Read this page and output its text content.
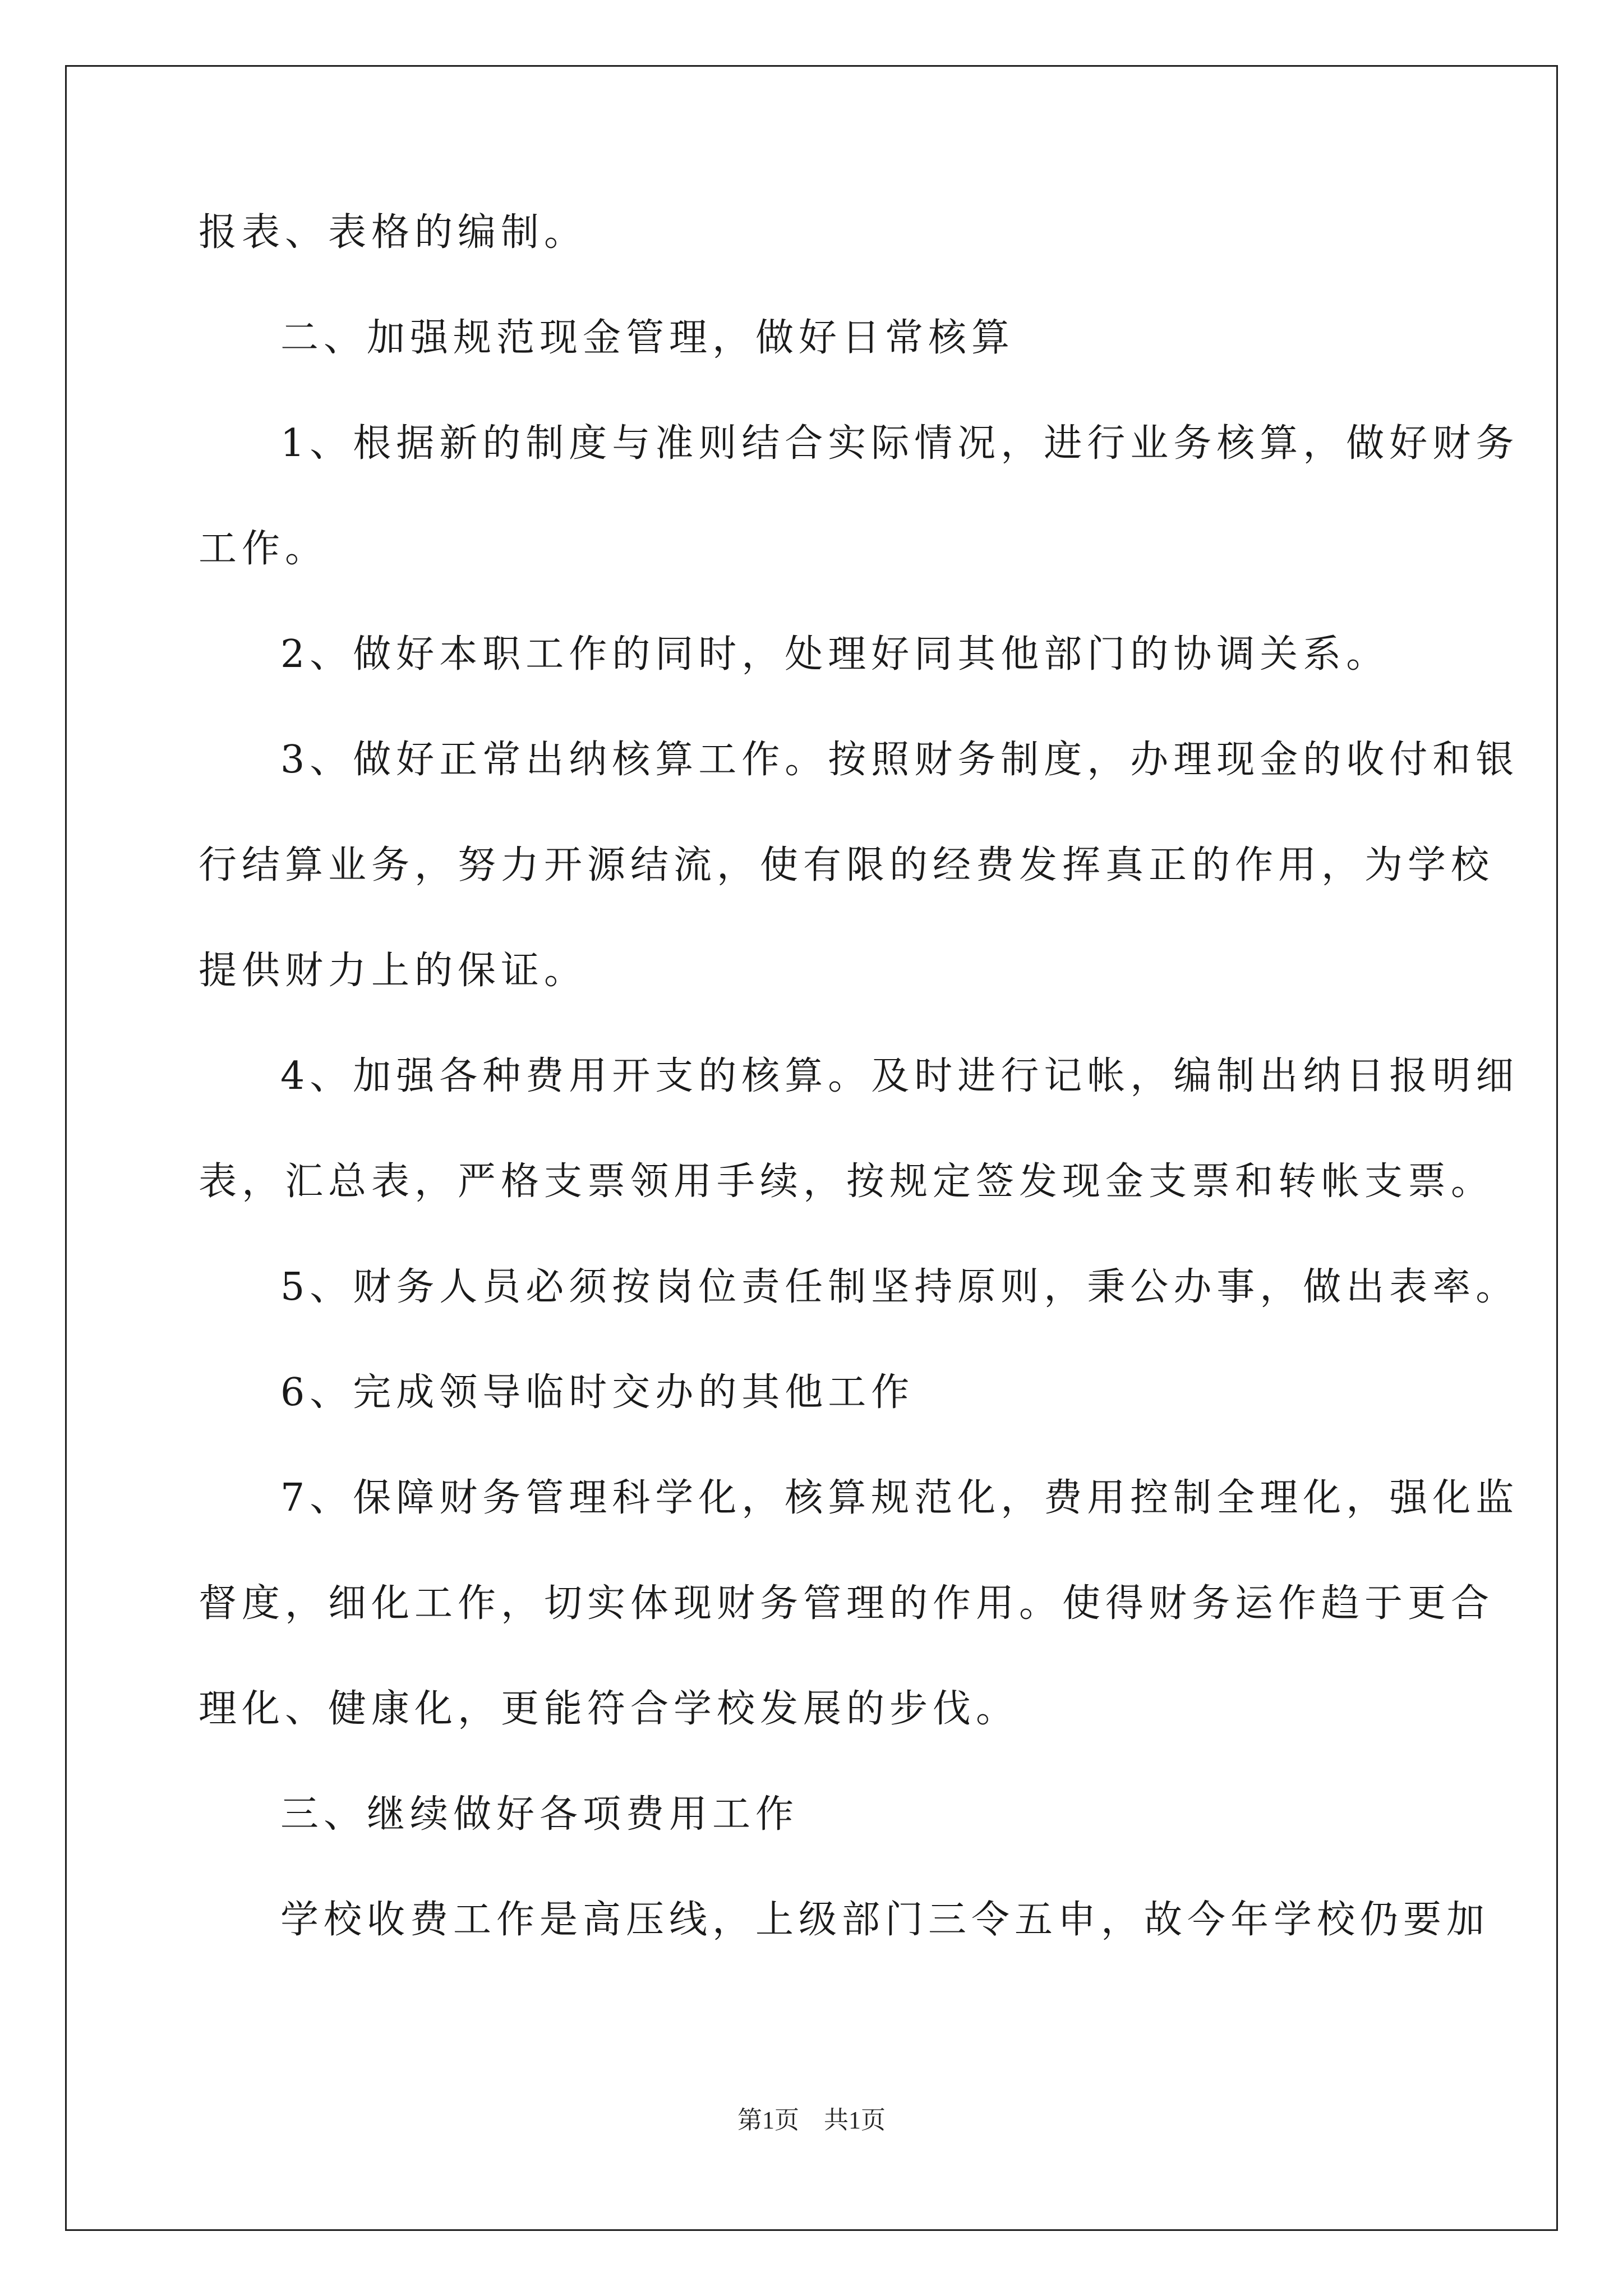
报表、表格的编制。
二、加强规范现金管理，做好日常核算
1、根据新的制度与准则结合实际情况，进行业务核算，做好财务
工作。
2、做好本职工作的同时，处理好同其他部门的协调关系。
3、做好正常出纳核算工作。按照财务制度，办理现金的收付和银
行结算业务，努力开源结流，使有限的经费发挥真正的作用，为学校
提供财力上的保证。
4、加强各种费用开支的核算。及时进行记帐，编制出纳日报明细
表，汇总表，严格支票领用手续，按规定签发现金支票和转帐支票。
5、财务人员必须按岗位责任制坚持原则，秉公办事，做出表率。
6、完成领导临时交办的其他工作
7、保障财务管理科学化，核算规范化，费用控制全理化，强化监
督度，细化工作，切实体现财务管理的作用。使得财务运作趋于更合
理化、健康化，更能符合学校发展的步伐。
三、继续做好各项费用工作
学校收费工作是高压线，上级部门三令五申，故今年学校仍要加
第1页　共1页
